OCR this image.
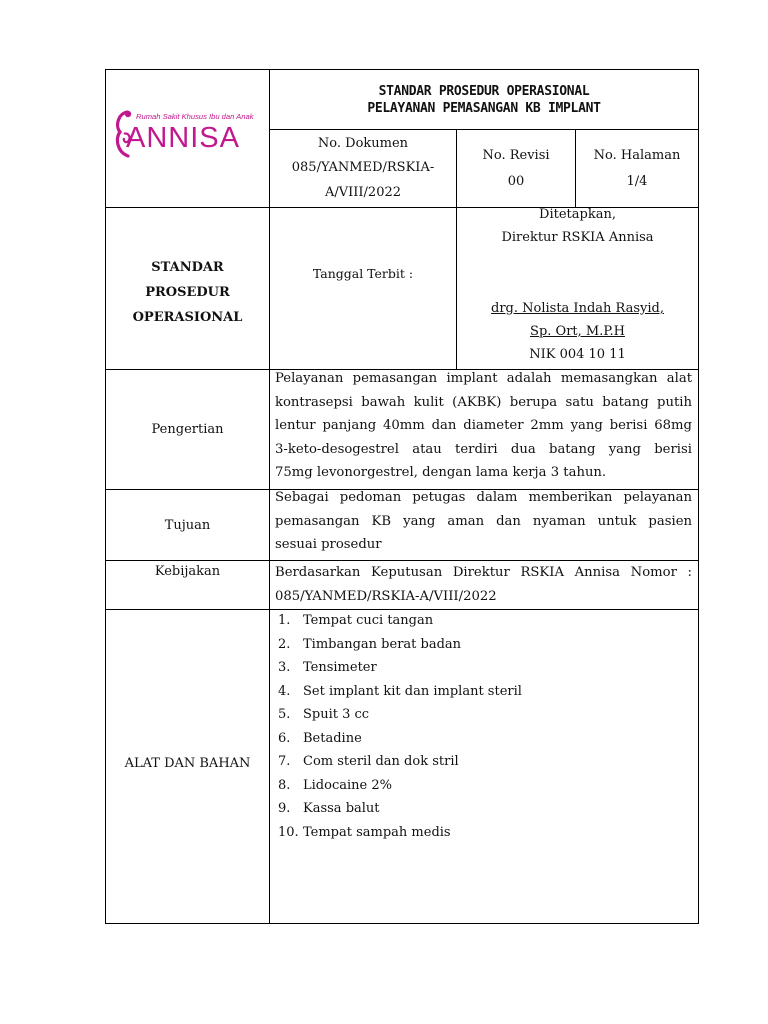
Rumah Sakit Khusus Ibu dan Anak
ANNISA
STANDAR PROSEDUR OPERASIONAL
PELAYANAN PEMASANGAN KB IMPLANT
No. Dokumen
085/YANMED/RSKIA-
A/VIII/2022
No. Revisi
00
No. Halaman
1/4
STANDAR
PROSEDUR
OPERASIONAL
Tanggal Terbit :
Ditetapkan,
Direktur RSKIA Annisa
drg. Nolista Indah Rasyid,
Sp. Ort, M.P.H
NIK 004 10 11
Pengertian
Pelayanan pemasangan implant adalah memasangkan alat
kontrasepsi bawah kulit (AKBK) berupa satu batang putih
lentur panjang 40mm dan diameter 2mm yang berisi 68mg
3-keto-desogestrel atau terdiri dua batang yang berisi
75mg levonorgestrel, dengan lama kerja 3 tahun.
Tujuan
Sebagai pedoman petugas dalam memberikan pelayanan
pemasangan KB yang aman dan nyaman untuk pasien
sesuai prosedur
Kebijakan	Berdasarkan Keputusan Direktur RSKIA Annisa Nomor :
085/YANMED/RSKIA-A/VIII/2022
ALAT DAN BAHAN
1. Tempat cuci tangan
2. Timbangan berat badan
3. Tensimeter
4. Set implant kit dan implant steril
5. Spuit 3 cc
6. Betadine
7. Com steril dan dok stril
8. Lidocaine 2%
9. Kassa balut
10. Tempat sampah medis
